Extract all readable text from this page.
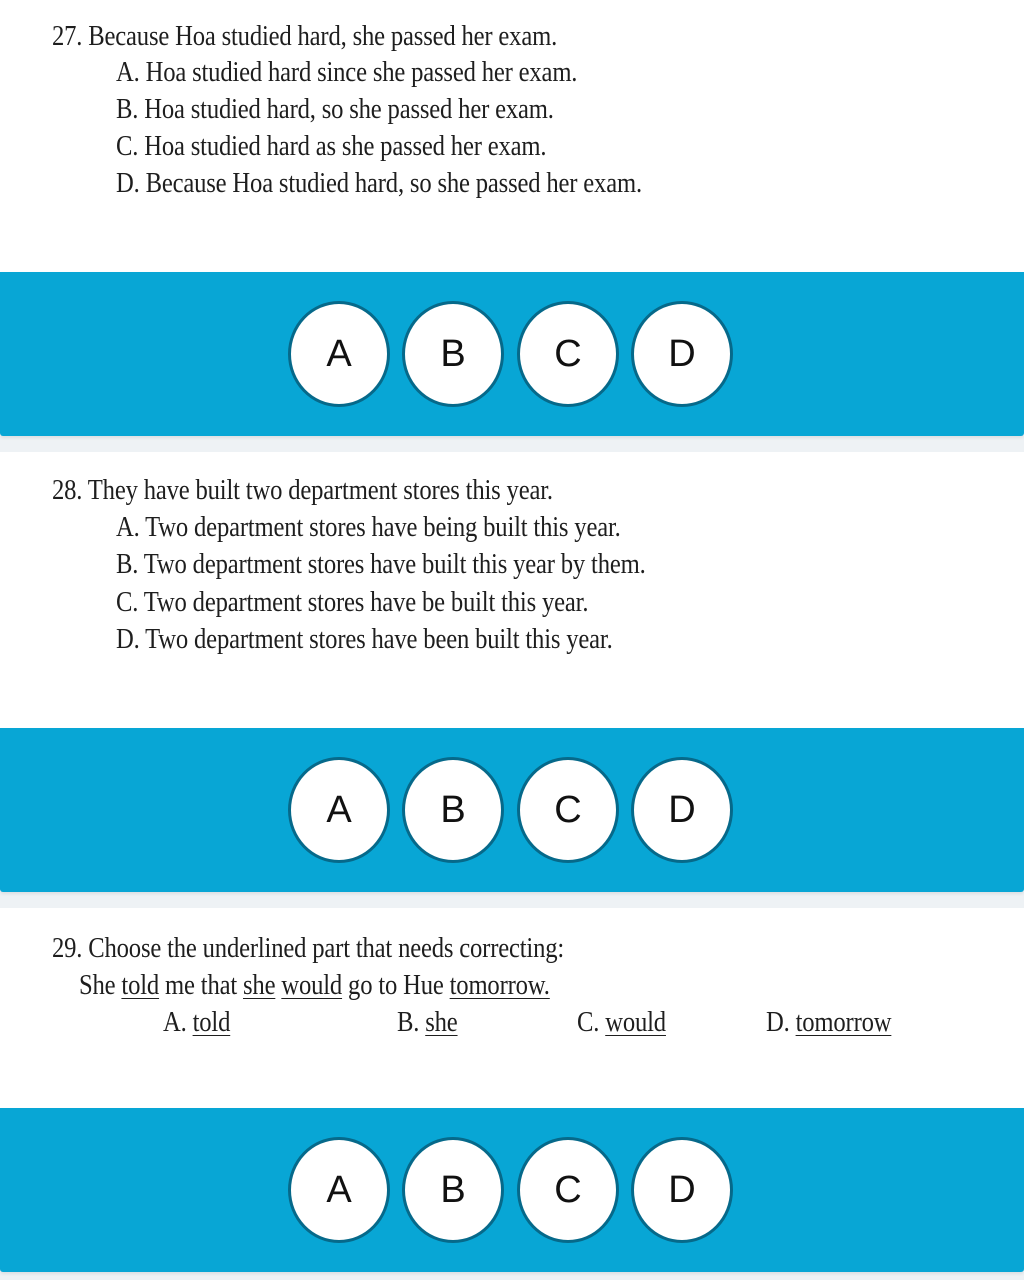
27. Because Hoa studied hard, she passed her exam.
A. Hoa studied hard since she passed her exam.
B. Hoa studied hard, so she passed her exam.
C. Hoa studied hard as she passed her exam.
D. Because Hoa studied hard, so she passed her exam.
A B C D
28. They have built two department stores this year.
A. Two department stores have being built this year.
B. Two department stores have built this year by them.
C. Two department stores have be built this year.
D. Two department stores have been built this year.
A B C D
29. Choose the underlined part that needs correcting:
She told me that she would go to Hue tomorrow.
A. told	B. she	C. would	D. tomorrow
A B C D
